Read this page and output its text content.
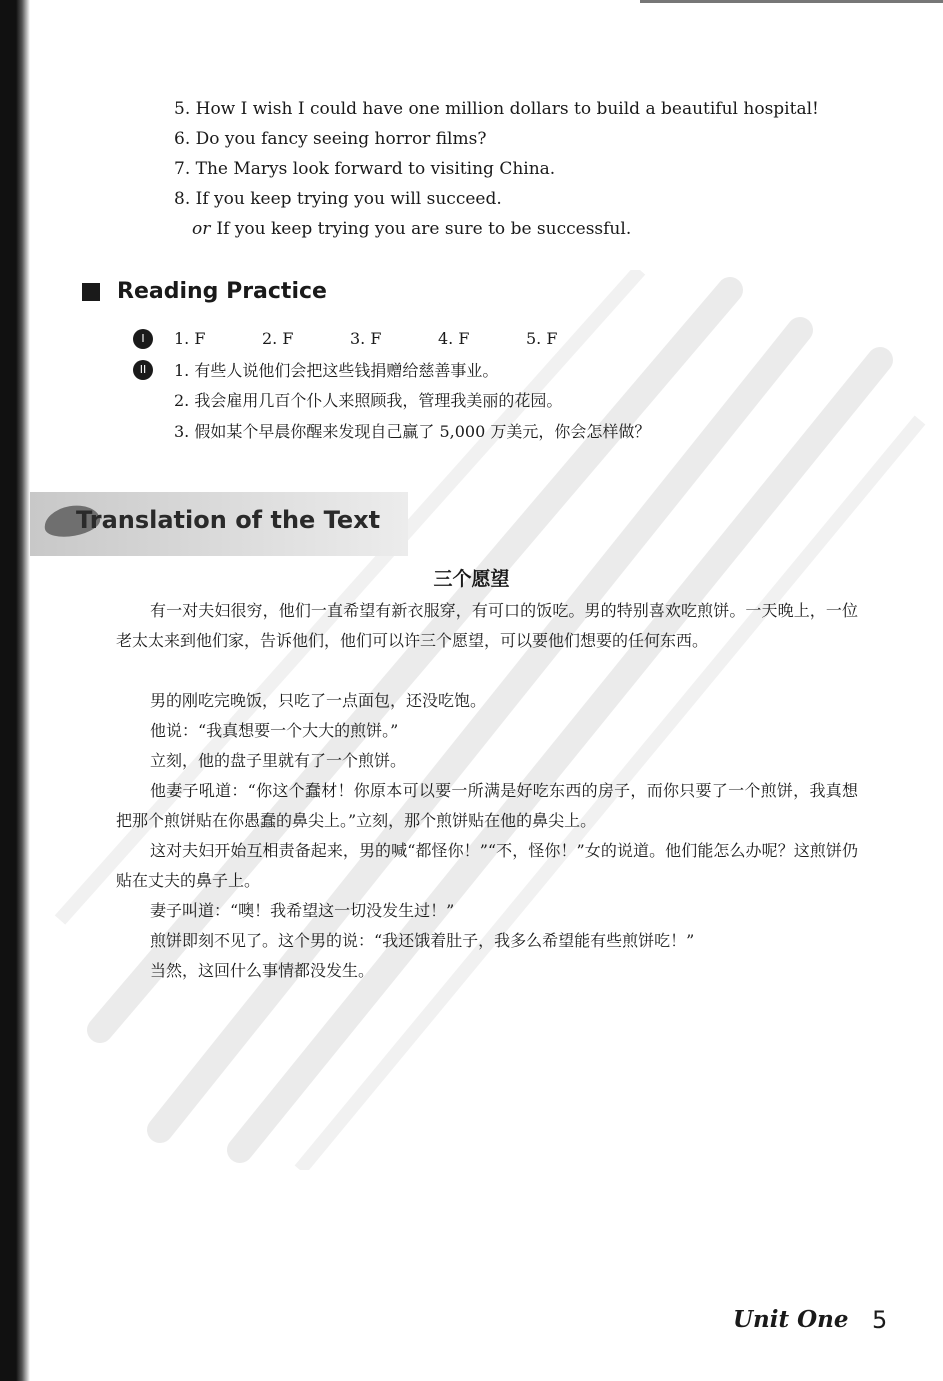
5. How I wish I could have one million dollars to build a beautiful hospital!
6. Do you fancy seeing horror films?
7. The Marys look forward to visiting China.
8. If you keep trying you will succeed.
or If you keep trying you are sure to be successful.
Reading Practice
I	1. F	2. F	3. F	4. F	5. F
II	1. 有些人说他们会把这些钱捐赠给慈善事业。
2. 我会雇用几百个仆人来照顾我，管理我美丽的花园。
3. 假如某个早晨你醒来发现自己赢了 5,000 万美元，你会怎样做？
Translation of the Text
三个愿望
有一对夫妇很穷，他们一直希望有新衣服穿，有可口的饭吃。男的特别喜欢吃煎饼。一天晚上，一位老太太来到他们家，告诉他们，他们可以许三个愿望，可以要他们想要的任何东西。
男的刚吃完晚饭，只吃了一点面包，还没吃饱。
他说：“我真想要一个大大的煎饼。”
立刻，他的盘子里就有了一个煎饼。
他妻子吼道：“你这个蠢材！你原本可以要一所满是好吃东西的房子，而你只要了一个煎饼，我真想把那个煎饼贴在你愚蠢的鼻尖上。”立刻，那个煎饼贴在他的鼻尖上。
这对夫妇开始互相责备起来，男的喊“都怪你！”“不，怪你！”女的说道。他们能怎么办呢？这煎饼仍贴在丈夫的鼻子上。
妻子叫道：“噢！我希望这一切没发生过！”
煎饼即刻不见了。这个男的说：“我还饿着肚子，我多么希望能有些煎饼吃！”
当然，这回什么事情都没发生。
Unit One 5
